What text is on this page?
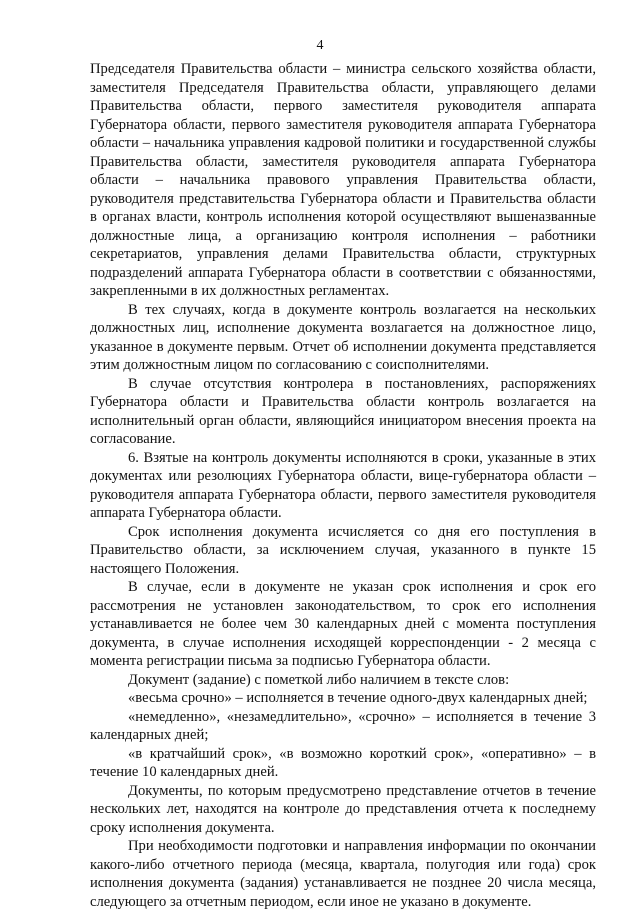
4

Председателя Правительства области – министра сельского хозяйства области, заместителя Председателя Правительства области, управляющего делами Правительства области, первого заместителя руководителя аппарата Губернатора области, первого заместителя руководителя аппарата Губернатора области – начальника управления кадровой политики и государственной службы Правительства области, заместителя руководителя аппарата Губернатора области – начальника правового управления Правительства области, руководителя представительства Губернатора области и Правительства области в органах власти, контроль исполнения которой осуществляют вышеназванные должностные лица, а организацию контроля исполнения – работники секретариатов, управления делами Правительства области, структурных подразделений аппарата Губернатора области в соответствии с обязанностями, закрепленными в их должностных регламентах.

В тех случаях, когда в документе контроль возлагается на нескольких должностных лиц, исполнение документа возлагается на должностное лицо, указанное в документе первым. Отчет об исполнении документа представляется этим должностным лицом по согласованию с соисполнителями.

В случае отсутствия контролера в постановлениях, распоряжениях Губернатора области и Правительства области контроль возлагается на исполнительный орган области, являющийся инициатором внесения проекта на согласование.

6. Взятые на контроль документы исполняются в сроки, указанные в этих документах или резолюциях Губернатора области, вице-губернатора области – руководителя аппарата Губернатора области, первого заместителя руководителя аппарата Губернатора области.

Срок исполнения документа исчисляется со дня его поступления в Правительство области, за исключением случая, указанного в пункте 15 настоящего Положения.

В случае, если в документе не указан срок исполнения и срок его рассмотрения не установлен законодательством, то срок его исполнения устанавливается не более чем 30 календарных дней с момента поступления документа, в случае исполнения исходящей корреспонденции - 2 месяца с момента регистрации письма за подписью Губернатора области.

Документ (задание) с пометкой либо наличием в тексте слов:

«весьма срочно» – исполняется в течение одного-двух календарных дней;

«немедленно», «незамедлительно», «срочно» – исполняется в течение 3 календарных дней;

«в кратчайший срок», «в возможно короткий срок», «оперативно» – в течение 10 календарных дней.

Документы, по которым предусмотрено представление отчетов в течение нескольких лет, находятся на контроле до представления отчета к последнему сроку исполнения документа.

При необходимости подготовки и направления информации по окончании какого-либо отчетного периода (месяца, квартала, полугодия или года) срок исполнения документа (задания) устанавливается не позднее 20 числа месяца, следующего за отчетным периодом, если иное не указано в документе.
